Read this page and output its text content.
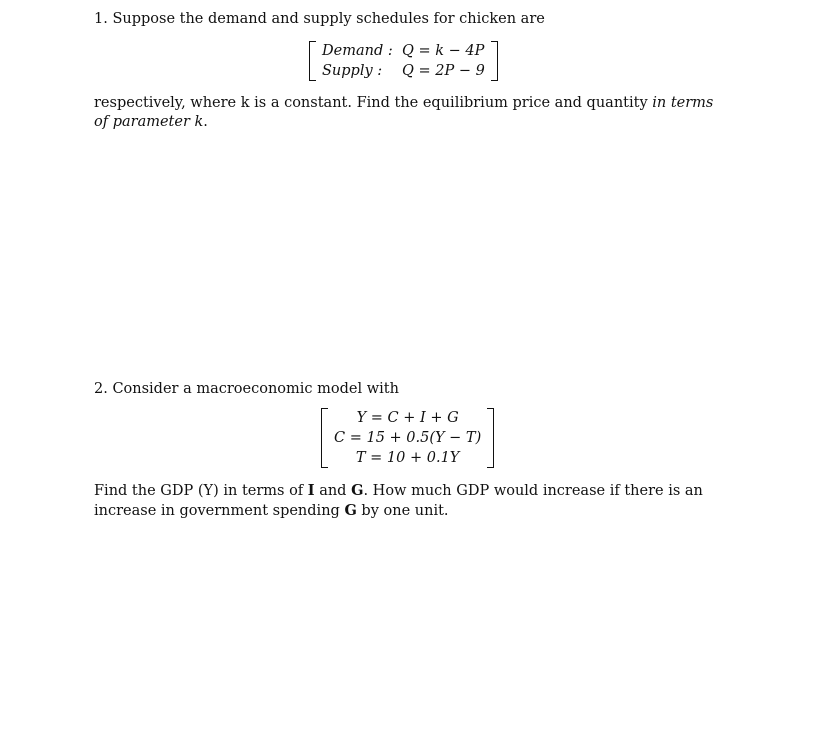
1. Suppose the demand and supply schedules for chicken are

Demand : Q = k − 4P
Supply :	Q = 2P − 9

respectively, where k is a constant. Find the equilibrium price and quantity in terms of parameter k.

2. Consider a macroeconomic model with

Y = C + I + G
C = 15 + 0.5(Y − T)
T = 10 + 0.1Y

Find the GDP (Y) in terms of I and G. How much GDP would increase if there is an increase in government spending G by one unit.
